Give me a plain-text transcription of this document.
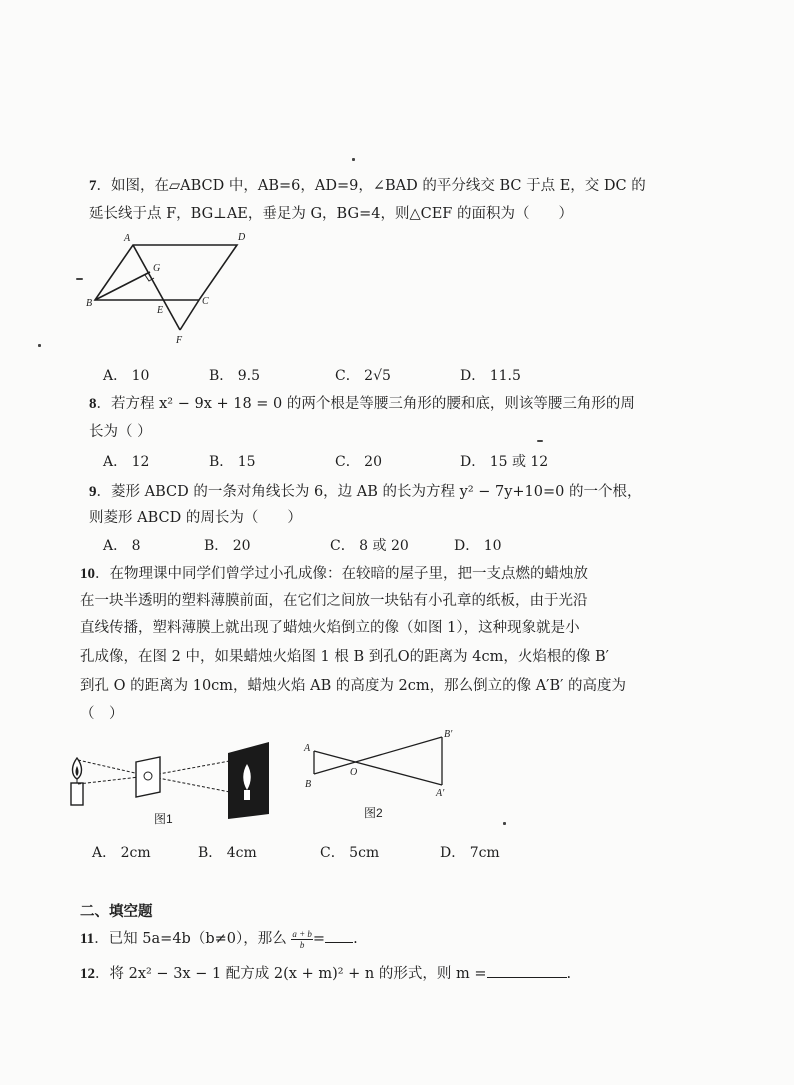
7．如图，在▱ABCD 中，AB=6，AD=9，∠BAD 的平分线交 BC 于点 E，交 DC 的
延长线于点 F，BG⊥AE，垂足为 G，BG=4，则△CEF 的面积为（　　）
A	D
B	C
E
F
G
A． 10	B． 9.5	C． 2√5	D． 11.5
8．若方程 x² − 9x + 18 = 0 的两个根是等腰三角形的腰和底，则该等腰三角形的周
长为（ ）
A． 12	B． 15	C． 20	D． 15 或 12
9．菱形 ABCD 的一条对角线长为 6，边 AB 的长为方程 y² − 7y+10=0 的一个根，
则菱形 ABCD 的周长为（　　）
A． 8	B． 20	C． 8 或 20	D． 10
10．在物理课中同学们曾学过小孔成像：在较暗的屋子里，把一支点燃的蜡烛放
在一块半透明的塑料薄膜前面，在它们之间放一块钻有小孔章的纸板，由于光沿
直线传播，塑料薄膜上就出现了蜡烛火焰倒立的像（如图 1），这种现象就是小
孔成像，在图 2 中，如果蜡烛火焰图 1 根 B 到孔O的距离为 4cm，火焰根的像 B′
到孔 O 的距离为 10cm，蜡烛火焰 AB 的高度为 2cm，那么倒立的像 A′B′ 的高度为
（　）
图1
A
B
O
A′
B′
图2
A． 2cm	B． 4cm	C． 5cm	D． 7cm
二、填空题
11．已知 5a=4b（b≠0），那么 $\frac{a + b}{b}$ = .
12．将 2x² − 3x − 1 配方成 2(x + m)² + n 的形式，则 m =	.
